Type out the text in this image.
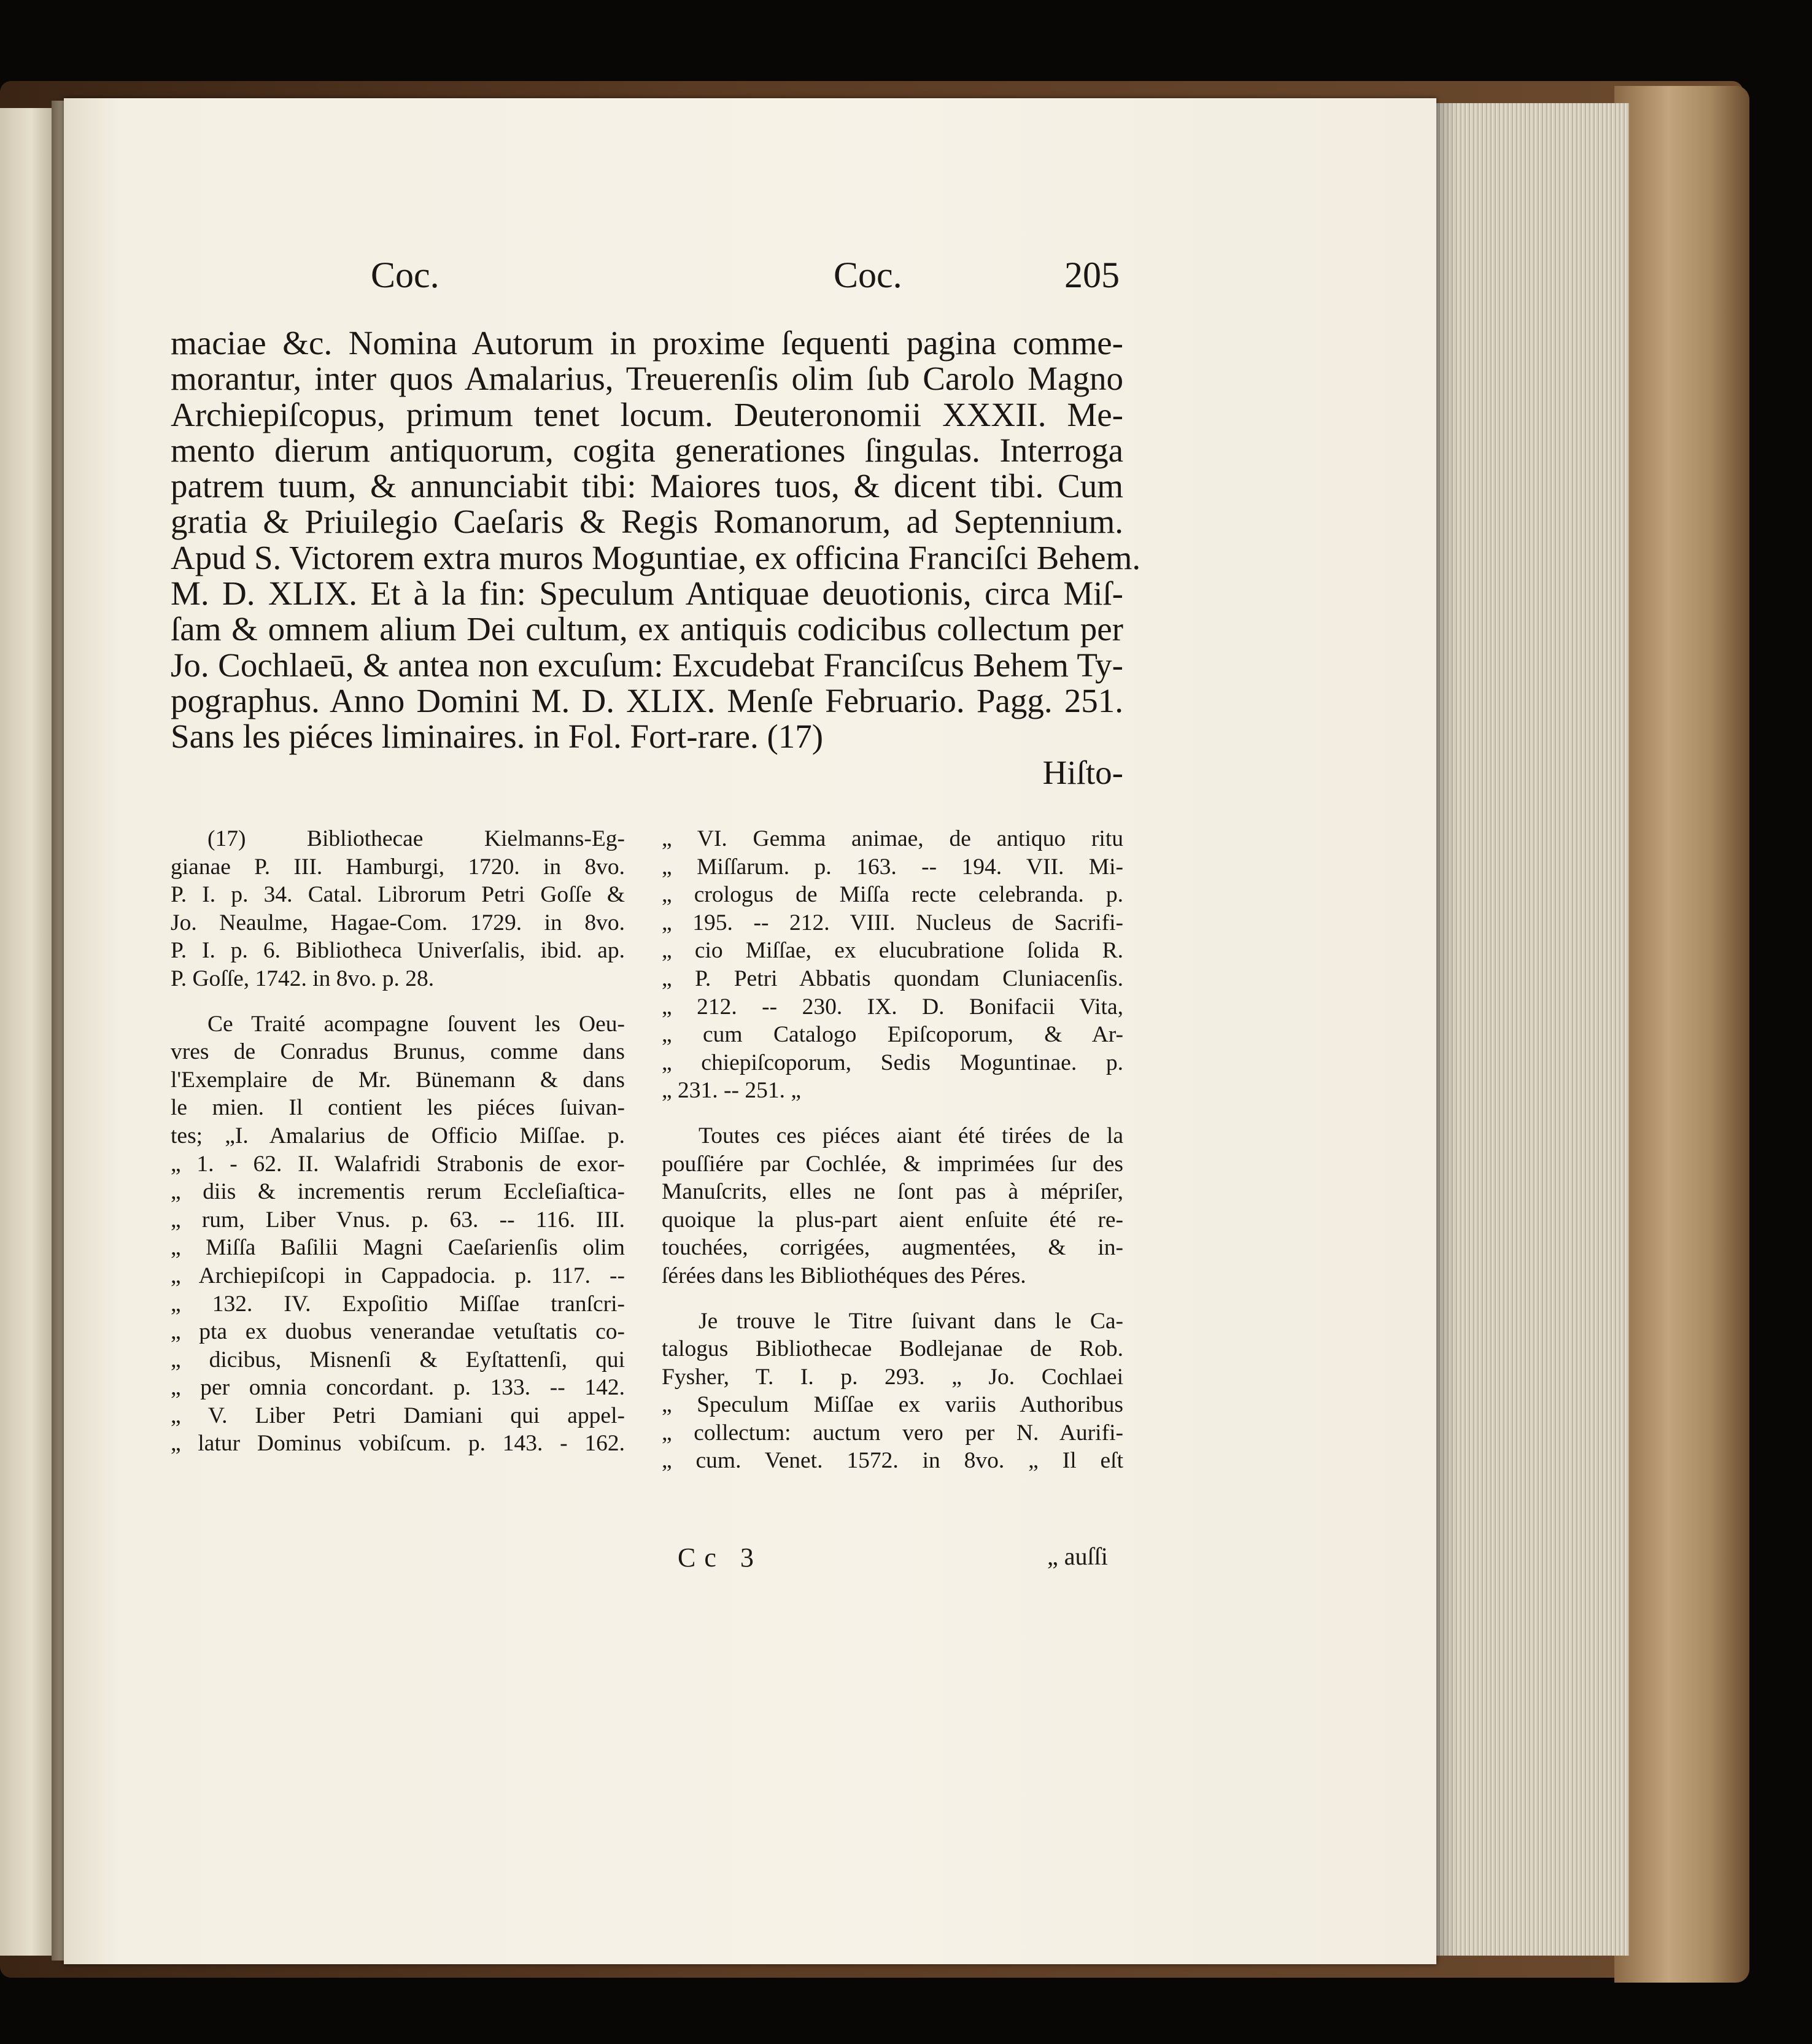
Coc.	Coc.	205
maciae &c. Nomina Autorum in proxime ſequenti pagina comme-
morantur, inter quos Amalarius, Treuerenſis olim ſub Carolo Magno
Archiepiſcopus, primum tenet locum. Deuteronomii XXXII. Me-
mento dierum antiquorum, cogita generationes ſingulas. Interroga
patrem tuum, & annunciabit tibi: Maiores tuos, & dicent tibi. Cum
gratia & Priuilegio Caeſaris & Regis Romanorum, ad Septennium.
Apud S. Victorem extra muros Moguntiae, ex officina Franciſci Behem.
M. D. XLIX. Et à la fin: Speculum Antiquae deuotionis, circa Miſ-
ſam & omnem alium Dei cultum, ex antiquis codicibus collectum per
Jo. Cochlaeū, & antea non excuſum: Excudebat Franciſcus Behem Ty-
pographus. Anno Domini M. D. XLIX. Menſe Februario. Pagg. 251.
Sans les piéces liminaires. in Fol. Fort-rare. (17)
Hiſto-
(17) Bibliothecae Kielmanns-Eg-
gianae P. III. Hamburgi, 1720. in 8vo.
P. I. p. 34. Catal. Librorum Petri Goſſe &
Jo. Neaulme, Hagae-Com. 1729. in 8vo.
P. I. p. 6. Bibliotheca Univerſalis, ibid. ap.
P. Goſſe, 1742. in 8vo. p. 28.
Ce Traité acompagne ſouvent les Oeu-
vres de Conradus Brunus, comme dans
l'Exemplaire de Mr. Bünemann & dans
le mien. Il contient les piéces ſuivan-
tes; „I. Amalarius de Officio Miſſae. p.
„ 1. - 62. II. Walafridi Strabonis de exor-
„ diis & incrementis rerum Eccleſiaſtica-
„ rum, Liber Vnus. p. 63. -- 116. III.
„ Miſſa Baſilii Magni Caeſarienſis olim
„ Archiepiſcopi in Cappadocia. p. 117. --
„ 132. IV. Expoſitio Miſſae tranſcri-
„ pta ex duobus venerandae vetuſtatis co-
„ dicibus, Misnenſi & Eyſtattenſi, qui
„ per omnia concordant. p. 133. -- 142.
„ V. Liber Petri Damiani qui appel-
„ latur Dominus vobiſcum. p. 143. - 162.
„ VI. Gemma animae, de antiquo ritu
„ Miſſarum. p. 163. -- 194. VII. Mi-
„ crologus de Miſſa recte celebranda. p.
„ 195. -- 212. VIII. Nucleus de Sacrifi-
„ cio Miſſae, ex elucubratione ſolida R.
„ P. Petri Abbatis quondam Cluniacenſis.
„ 212. -- 230. IX. D. Bonifacii Vita,
„ cum Catalogo Epiſcoporum, & Ar-
„ chiepiſcoporum, Sedis Moguntinae. p.
„ 231. -- 251. „
Toutes ces piéces aiant été tirées de la
pouſſiére par Cochlée, & imprimées ſur des
Manuſcrits, elles ne ſont pas à mépriſer,
quoique la plus-part aient enſuite été re-
touchées, corrigées, augmentées, & in-
ſérées dans les Bibliothéques des Péres.
Je trouve le Titre ſuivant dans le Ca-
talogus Bibliothecae Bodlejanae de Rob.
Fysher, T. I. p. 293. „ Jo. Cochlaei
„ Speculum Miſſae ex variis Authoribus
„ collectum: auctum vero per N. Aurifi-
„ cum. Venet. 1572. in 8vo. „ Il eſt
Cc 3	„ auſſi
